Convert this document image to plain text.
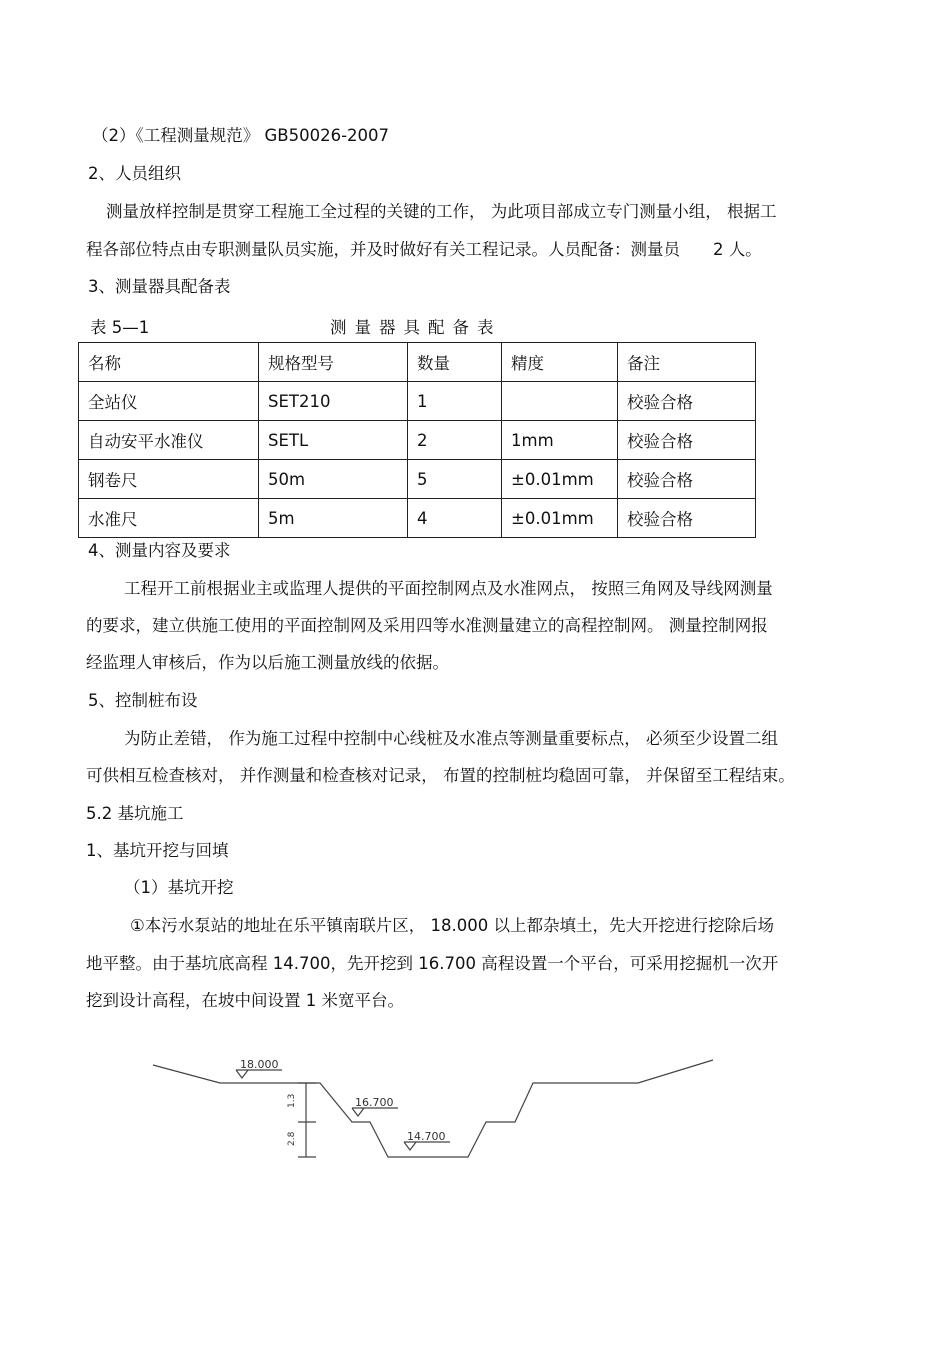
（2）《工程测量规范》 GB50026-2007
2、人员组织
测量放样控制是贯穿工程施工全过程的关键的工作， 为此项目部成立专门测量小组， 根据工
程各部位特点由专职测量队员实施，并及时做好有关工程记录。人员配备：测量员　　2 人。
3、测量器具配备表
表 5—1	测量器具配备表
名称	规格型号	数量	精度	备注
全站仪	SET210	1		校验合格
自动安平水准仪	SETL	2	1mm	校验合格
钢卷尺	50m	5	±0.01mm	校验合格
水准尺	5m	4	±0.01mm	校验合格
4、测量内容及要求
工程开工前根据业主或监理人提供的平面控制网点及水准网点， 按照三角网及导线网测量
的要求，建立供施工使用的平面控制网及采用四等水准测量建立的高程控制网。 测量控制网报
经监理人审核后，作为以后施工测量放线的依据。
5、控制桩布设
为防止差错， 作为施工过程中控制中心线桩及水准点等测量重要标点， 必须至少设置二组
可供相互检查核对， 并作测量和检查核对记录， 布置的控制桩均稳固可靠， 并保留至工程结束。
5.2 基坑施工
1、基坑开挖与回填
（1）基坑开挖
①本污水泵站的地址在乐平镇南联片区， 18.000 以上都杂填土，先大开挖进行挖除后场
地平整。由于基坑底高程 14.700，先开挖到 16.700 高程设置一个平台，可采用挖掘机一次开
挖到设计高程，在坡中间设置 1 米宽平台。
18.000
16.700
14.700
1.3
2.8
